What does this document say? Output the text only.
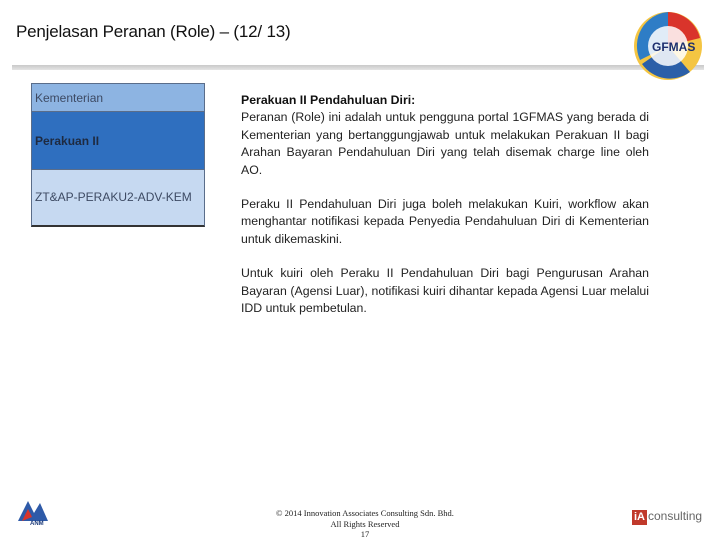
Penjelasan Peranan (Role) – (12/ 13)
GFMAS
Kementerian
Perakuan II
ZT&AP-PERAKU2-ADV-KEM
Perakuan II Pendahuluan Diri:

Peranan (Role) ini adalah untuk pengguna portal 1GFMAS yang berada di Kementerian yang bertanggungjawab untuk melakukan Perakuan II bagi Arahan Bayaran Pendahuluan Diri yang telah disemak charge line oleh AO.

Peraku II Pendahuluan Diri juga boleh melakukan Kuiri, workflow akan menghantar notifikasi kepada Penyedia Pendahuluan Diri di Kementerian untuk dikemaskini.

Untuk kuiri oleh Peraku II Pendahuluan Diri bagi Pengurusan Arahan Bayaran (Agensi Luar), notifikasi kuiri dihantar kepada Agensi Luar melalui IDD untuk pembetulan.

ANM
© 2014 Innovation Associates Consulting Sdn. Bhd.
All Rights Reserved
17
iA consulting
